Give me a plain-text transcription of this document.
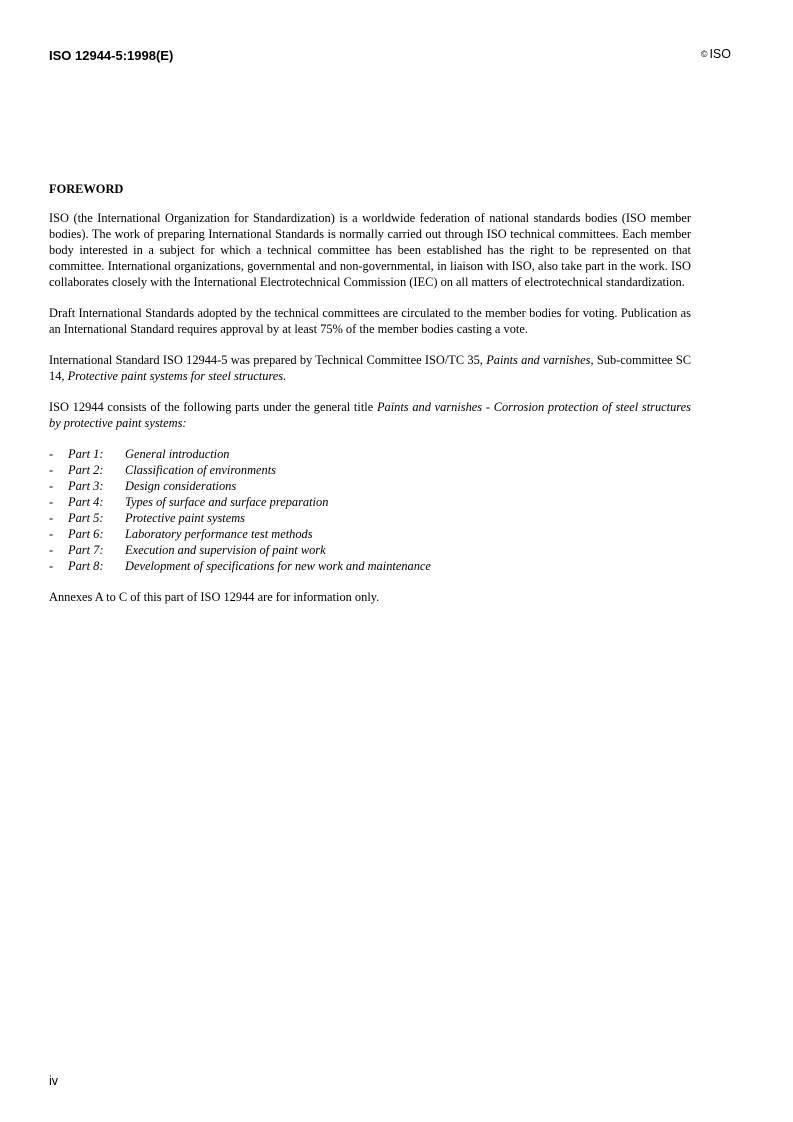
ISO 12944-5:1998(E)	© ISO

FOREWORD

ISO (the International Organization for Standardization) is a worldwide federation of national standards bodies (ISO member bodies). The work of preparing International Standards is normally carried out through ISO technical committees. Each member body interested in a subject for which a technical committee has been established has the right to be represented on that committee. International organizations, governmental and non-governmental, in liaison with ISO, also take part in the work. ISO collaborates closely with the International Electrotechnical Commission (IEC) on all matters of electrotechnical standardization.

Draft International Standards adopted by the technical committees are circulated to the member bodies for voting. Publication as an International Standard requires approval by at least 75% of the member bodies casting a vote.

International Standard ISO 12944-5 was prepared by Technical Committee ISO/TC 35, Paints and varnishes, Sub-committee SC 14, Protective paint systems for steel structures.

ISO 12944 consists of the following parts under the general title Paints and varnishes - Corrosion protection of steel structures by protective paint systems:

-	Part 1:	General introduction
-	Part 2:	Classification of environments
-	Part 3:	Design considerations
-	Part 4:	Types of surface and surface preparation
-	Part 5:	Protective paint systems
-	Part 6:	Laboratory performance test methods
-	Part 7:	Execution and supervision of paint work
-	Part 8:	Development of specifications for new work and maintenance

Annexes A to C of this part of ISO 12944 are for information only.

iv
